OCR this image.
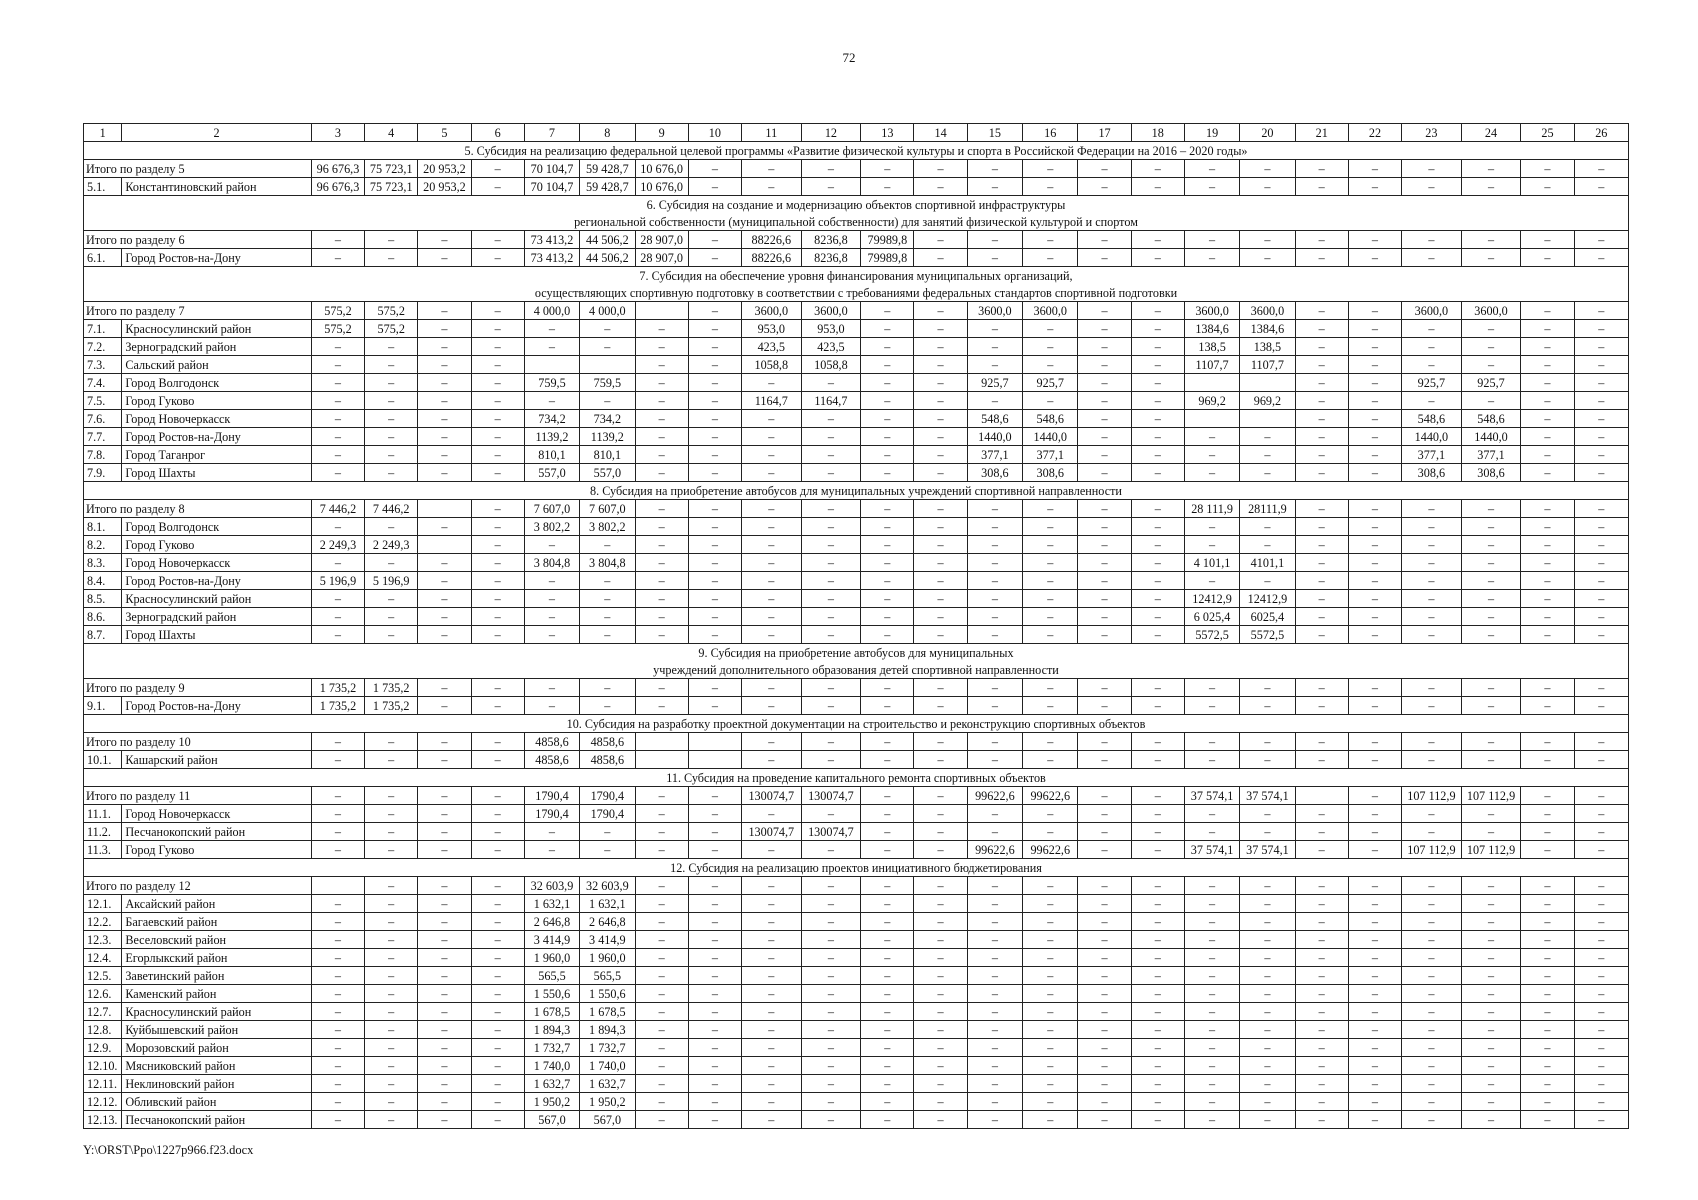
72
1	2	3	4	5	6	7	8	9	10	11	12	13	14	15	16	17	18	19	20	21	22	23	24	25	26
5. Субсидия на реализацию федеральной целевой программы «Развитие физической культуры и спорта в Российской Федерации на 2016 – 2020 годы»																									
Итого по разделу 5		96 676,3	75 723,1	20 953,2	–	70 104,7	59 428,7	10 676,0	–	–	–	–	–	–	–	–	–	–	–	–	–	–	–	–	–
5.1.	Константиновский район	96 676,3	75 723,1	20 953,2	–	70 104,7	59 428,7	10 676,0	–	–	–	–	–	–	–	–	–	–	–	–	–	–	–	–	–
6. Субсидия на создание и модернизацию объектов спортивной инфраструктуры																									
региональной собственности (муниципальной собственности) для занятий физической культурой и спортом																									
Итого по разделу 6		–	–	–	–	73 413,2	44 506,2	28 907,0	–	88226,6	8236,8	79989,8	–	–	–	–	–	–	–	–	–	–	–	–	–
6.1.	Город Ростов-на-Дону	–	–	–	–	73 413,2	44 506,2	28 907,0	–	88226,6	8236,8	79989,8	–	–	–	–	–	–	–	–	–	–	–	–	–
7. Субсидия на обеспечение уровня финансирования муниципальных организаций,																									
осуществляющих спортивную подготовку в соответствии с требованиями федеральных стандартов спортивной подготовки																									
Итого по разделу 7		575,2	575,2	–	–	4 000,0	4 000,0		–	3600,0	3600,0	–	–	3600,0	3600,0	–	–	3600,0	3600,0	–	–	3600,0	3600,0	–	–
7.1.	Красносулинский район	575,2	575,2	–	–	–	–	–	–	953,0	953,0	–	–	–	–	–	–	1384,6	1384,6	–	–	–	–	–	–
7.2.	Зерноградский район	–	–	–	–	–	–	–	–	423,5	423,5	–	–	–	–	–	–	138,5	138,5	–	–	–	–	–	–
7.3.	Сальский район	–	–	–	–			–	–	1058,8	1058,8	–	–	–	–	–	–	1107,7	1107,7	–	–	–	–	–	–
7.4.	Город Волгодонск	–	–	–	–	759,5	759,5	–	–	–	–	–	–	925,7	925,7	–	–			–	–	925,7	925,7	–	–
7.5.	Город Гуково	–	–	–	–	–	–	–	–	1164,7	1164,7	–	–	–	–	–	–	969,2	969,2	–	–	–	–	–	–
7.6.	Город Новочеркасск	–	–	–	–	734,2	734,2	–	–	–	–	–	–	548,6	548,6	–	–			–	–	548,6	548,6	–	–
7.7.	Город Ростов-на-Дону	–	–	–	–	1139,2	1139,2	–	–	–	–	–	–	1440,0	1440,0	–	–	–	–	–	–	1440,0	1440,0	–	–
7.8.	Город Таганрог	–	–	–	–	810,1	810,1	–	–	–	–	–	–	377,1	377,1	–	–	–	–	–	–	377,1	377,1	–	–
7.9.	Город Шахты	–	–	–	–	557,0	557,0	–	–	–	–	–	–	308,6	308,6	–	–	–	–	–	–	308,6	308,6	–	–
8. Субсидия на приобретение автобусов для муниципальных учреждений спортивной направленности																									
Итого по разделу 8		7 446,2	7 446,2		–	7 607,0	7 607,0	–	–	–	–	–	–	–	–	–	–	28 111,9	28111,9	–	–	–	–	–	–
8.1.	Город Волгодонск	–	–	–	–	3 802,2	3 802,2	–	–	–	–	–	–	–	–	–	–	–	–	–	–	–	–	–	–
8.2.	Город Гуково	2 249,3	2 249,3		–	–	–	–	–	–	–	–	–	–	–	–	–	–	–	–	–	–	–	–	–
8.3.	Город Новочеркасск	–	–	–	–	3 804,8	3 804,8	–	–	–	–	–	–	–	–	–	–	4 101,1	4101,1	–	–	–	–	–	–
8.4.	Город Ростов-на-Дону	5 196,9	5 196,9	–	–	–	–	–	–	–	–	–	–	–	–	–	–	–	–	–	–	–	–	–	–
8.5.	Красносулинский район	–	–	–	–	–	–	–	–	–	–	–	–	–	–	–	–	12412,9	12412,9	–	–	–	–	–	–
8.6.	Зерноградский район	–	–	–	–	–	–	–	–	–	–	–	–	–	–	–	–	6 025,4	6025,4	–	–	–	–	–	–
8.7.	Город Шахты	–	–	–	–	–	–	–	–	–	–	–	–	–	–	–	–	5572,5	5572,5	–	–	–	–	–	–
9. Субсидия на приобретение автобусов для муниципальных																									
учреждений дополнительного образования детей спортивной направленности																									
Итого по разделу 9		1 735,2	1 735,2	–	–	–	–	–	–	–	–	–	–	–	–	–	–	–	–	–	–	–	–	–	–
9.1.	Город Ростов-на-Дону	1 735,2	1 735,2	–	–	–	–	–	–	–	–	–	–	–	–	–	–	–	–	–	–	–	–	–	–
10. Субсидия на разработку проектной документации на строительство и реконструкцию спортивных объектов																									
Итого по разделу 10		–	–	–	–	4858,6	4858,6			–	–	–	–	–	–	–	–	–	–	–	–	–	–	–	–
10.1.	Кашарский район	–	–	–	–	4858,6	4858,6			–	–	–	–	–	–	–	–	–	–	–	–	–	–	–	–
11. Субсидия на проведение капитального ремонта спортивных объектов																									
Итого по разделу 11		–	–	–	–	1790,4	1790,4	–	–	130074,7	130074,7	–	–	99622,6	99622,6	–	–	37 574,1	37 574,1		–	107 112,9	107 112,9	–	–
11.1.	Город Новочеркасск	–	–	–	–	1790,4	1790,4	–	–	–	–	–	–	–	–	–	–	–	–	–	–	–	–	–	–
11.2.	Песчанокопский район	–	–	–	–	–	–	–	–	130074,7	130074,7	–	–	–	–	–	–	–	–	–	–	–	–	–	–
11.3.	Город Гуково	–	–	–	–	–	–	–	–	–	–	–	–	99622,6	99622,6	–	–	37 574,1	37 574,1	–	–	107 112,9	107 112,9	–	–
12. Субсидия на реализацию проектов инициативного бюджетирования																									
Итого по разделу 12			–	–	–	32 603,9	32 603,9	–	–	–	–	–	–	–	–	–	–	–	–	–	–	–	–	–	–
12.1.	Аксайский район	–	–	–	–	1 632,1	1 632,1	–	–	–	–	–	–	–	–	–	–	–	–	–	–	–	–	–	–
12.2.	Багаевский район	–	–	–	–	2 646,8	2 646,8	–	–	–	–	–	–	–	–	–	–	–	–	–	–	–	–	–	–
12.3.	Веселовский район	–	–	–	–	3 414,9	3 414,9	–	–	–	–	–	–	–	–	–	–	–	–	–	–	–	–	–	–
12.4.	Егорлыкский район	–	–	–	–	1 960,0	1 960,0	–	–	–	–	–	–	–	–	–	–	–	–	–	–	–	–	–	–
12.5.	Заветинский район	–	–	–	–	565,5	565,5	–	–	–	–	–	–	–	–	–	–	–	–	–	–	–	–	–	–
12.6.	Каменский район	–	–	–	–	1 550,6	1 550,6	–	–	–	–	–	–	–	–	–	–	–	–	–	–	–	–	–	–
12.7.	Красносулинский район	–	–	–	–	1 678,5	1 678,5	–	–	–	–	–	–	–	–	–	–	–	–	–	–	–	–	–	–
12.8.	Куйбышевский район	–	–	–	–	1 894,3	1 894,3	–	–	–	–	–	–	–	–	–	–	–	–	–	–	–	–	–	–
12.9.	Морозовский район	–	–	–	–	1 732,7	1 732,7	–	–	–	–	–	–	–	–	–	–	–	–	–	–	–	–	–	–
12.10.	Мясниковский район	–	–	–	–	1 740,0	1 740,0	–	–	–	–	–	–	–	–	–	–	–	–	–	–	–	–	–	–
12.11.	Неклиновский район	–	–	–	–	1 632,7	1 632,7	–	–	–	–	–	–	–	–	–	–	–	–	–	–	–	–	–	–
12.12.	Обливский район	–	–	–	–	1 950,2	1 950,2	–	–	–	–	–	–	–	–	–	–	–	–	–	–	–	–	–	–
12.13.	Песчанокопский район	–	–	–	–	567,0	567,0	–	–	–	–	–	–	–	–	–	–	–	–	–	–	–	–	–	–
Y:\ORST\Ppo\1227p966.f23.docx
